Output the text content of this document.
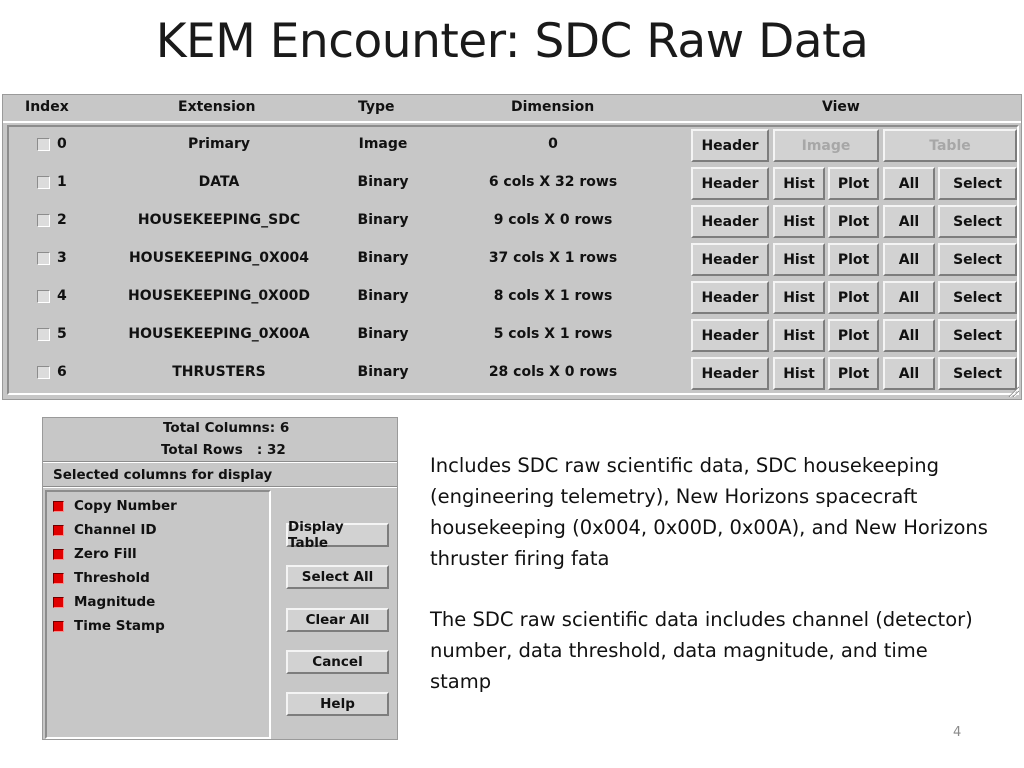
KEM Encounter: SDC Raw Data
Index	Extension	Type	Dimension	View
0	Primary	Image	0	Header	Image	Table
1	DATA	Binary	6 cols X 32 rows	Header	Hist	Plot	All	Select
2	HOUSEKEEPING_SDC	Binary	9 cols X 0 rows	Header	Hist	Plot	All	Select
3	HOUSEKEEPING_0X004	Binary	37 cols X 1 rows	Header	Hist	Plot	All	Select
4	HOUSEKEEPING_0X00D	Binary	8 cols X 1 rows	Header	Hist	Plot	All	Select
5	HOUSEKEEPING_0X00A	Binary	5 cols X 1 rows	Header	Hist	Plot	All	Select
6	THRUSTERS	Binary	28 cols X 0 rows	Header	Hist	Plot	All	Select
Total Columns: 6
Total Rows   : 32
Selected columns for display
Copy Number
Channel ID
Zero Fill
Threshold
Magnitude
Time Stamp
Display Table
Select All
Clear All
Cancel
Help
Includes SDC raw scientific data, SDC housekeeping (engineering telemetry), New Horizons spacecraft housekeeping (0x004, 0x00D, 0x00A), and New Horizons thruster firing fata
The SDC raw scientific data includes channel (detector) number, data threshold, data magnitude, and time stamp
4
